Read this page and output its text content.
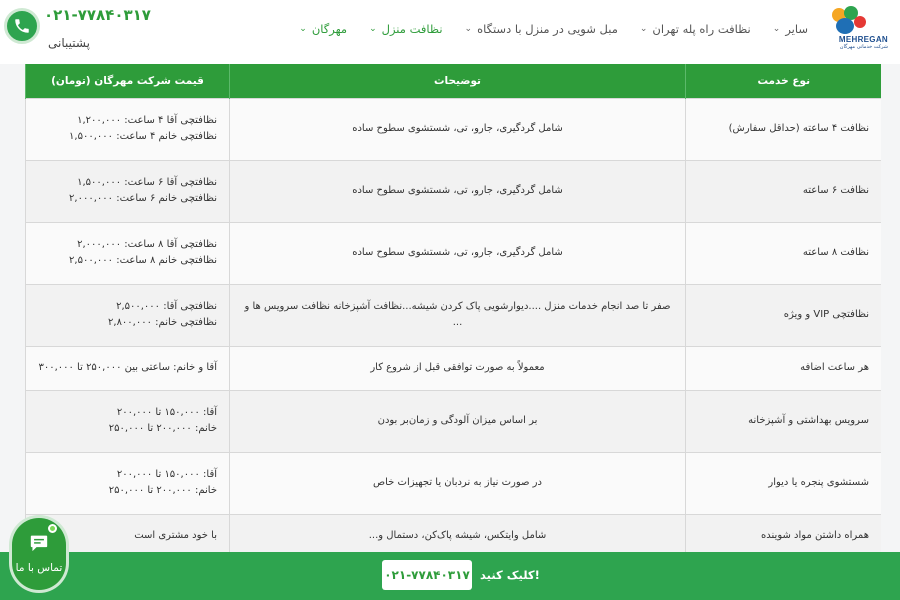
MEHREGAN
شرکت خدماتی مهرگان
مهرگان
⌄	نظافت منزل
⌄	مبل شویی در منزل با دستگاه
⌄	نظافت راه پله تهران
⌄	سایر
⌄
۰۲۱-۷۷۸۴۰۳۱۷
پشتیبانی
نوع خدمت	توضیحات	قیمت شرکت مهرگان (تومان)
نظافت ۴ ساعته (حداقل سفارش)	شامل گردگیری، جارو، تی، شستشوی سطوح ساده	نظافتچی آقا ۴ ساعت: ۱,۲۰۰,۰۰۰
نظافتچی خانم ۴ ساعت: ۱,۵۰۰,۰۰۰

نظافت ۶ ساعته	شامل گردگیری، جارو، تی، شستشوی سطوح ساده	نظافتچی آقا ۶ ساعت: ۱,۵۰۰,۰۰۰
نظافتچی خانم ۶ ساعت: ۲,۰۰۰,۰۰۰

نظافت ۸ ساعته	شامل گردگیری، جارو، تی، شستشوی سطوح ساده	نظافتچی آقا ۸ ساعت: ۲,۰۰۰,۰۰۰
نظافتچی خانم ۸ ساعت: ۲,۵۰۰,۰۰۰

نظافتچی VIP و ویژه	صفر تا صد انجام خدمات منزل ....دیوارشویی پاک کردن شیشه...نظافت آشپزخانه نظافت سرویس ها و ...	نظافتچی آقا: ۲,۵۰۰,۰۰۰
نظافتچی خانم: ۲,۸۰۰,۰۰۰

هر ساعت اضافه	معمولاً به صورت توافقی قبل از شروع کار	آقا و خانم: ساعتی بین ۲۵۰,۰۰۰ تا ۳۰۰,۰۰۰

سرویس بهداشتی و آشپزخانه	بر اساس میزان آلودگی و زمان‌بر بودن	آقا: ۱۵۰,۰۰۰ تا ۲۰۰,۰۰۰
خانم: ۲۰۰,۰۰۰ تا ۲۵۰,۰۰۰

شستشوی پنجره یا دیوار	در صورت نیاز به نردبان یا تجهیزات خاص	آقا: ۱۵۰,۰۰۰ تا ۲۰۰,۰۰۰
خانم: ۲۰۰,۰۰۰ تا ۲۵۰,۰۰۰

همراه داشتن مواد شوینده	شامل وایتکس، شیشه پاک‌کن، دستمال و...	با خود مشتری است
۰۲۱-۷۷۸۴۰۳۱۷ کلیک کنید!
تماس با ما
